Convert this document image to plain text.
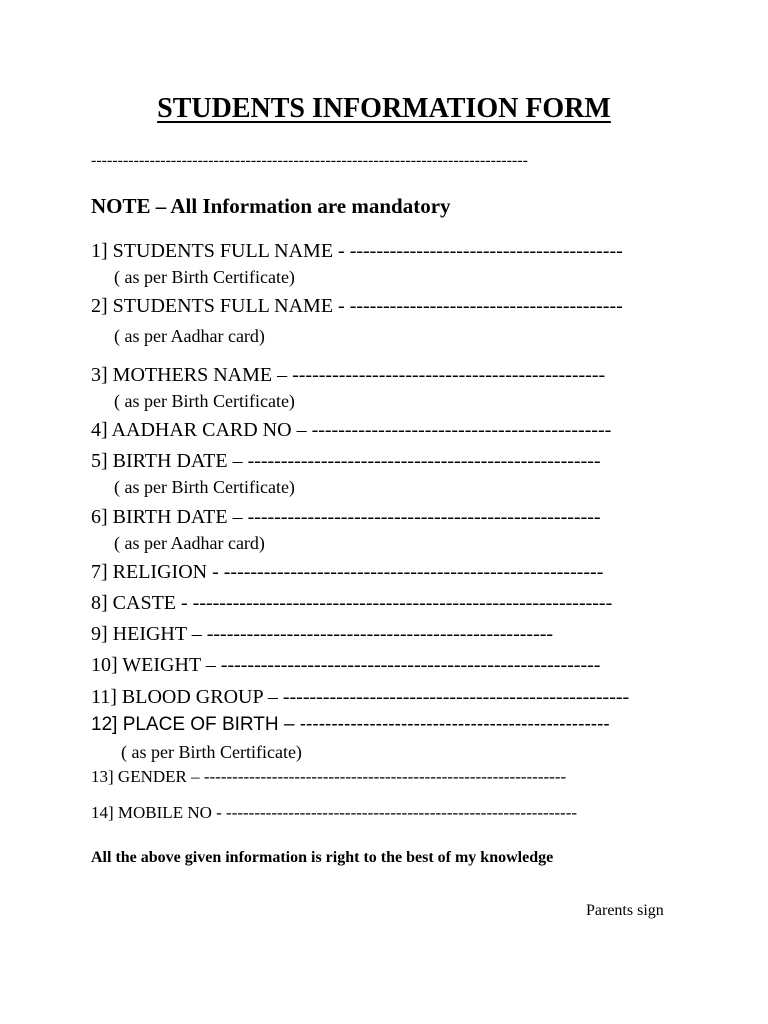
STUDENTS INFORMATION FORM
----------------------------------------------------------------------------------
NOTE – All Information are mandatory
1] STUDENTS FULL NAME - -----------------------------------------
( as per Birth Certificate)
2] STUDENTS FULL NAME - -----------------------------------------
( as per Aadhar card)
3] MOTHERS NAME – -----------------------------------------------
( as per Birth Certificate)
4] AADHAR CARD NO – ---------------------------------------------
5] BIRTH DATE – -----------------------------------------------------
( as per Birth Certificate)
6] BIRTH DATE – -----------------------------------------------------
( as per Aadhar card)
7] RELIGION - ---------------------------------------------------------
8] CASTE - ---------------------------------------------------------------
9] HEIGHT – ----------------------------------------------------
10] WEIGHT – ---------------------------------------------------------
11] BLOOD GROUP – ----------------------------------------------------
12] PLACE OF BIRTH – -------------------------------------------------
( as per Birth Certificate)
13] GENDER – ----------------------------------------------------------------
14] MOBILE NO - --------------------------------------------------------------
All the above given information is right to the best of my knowledge
Parents sign
